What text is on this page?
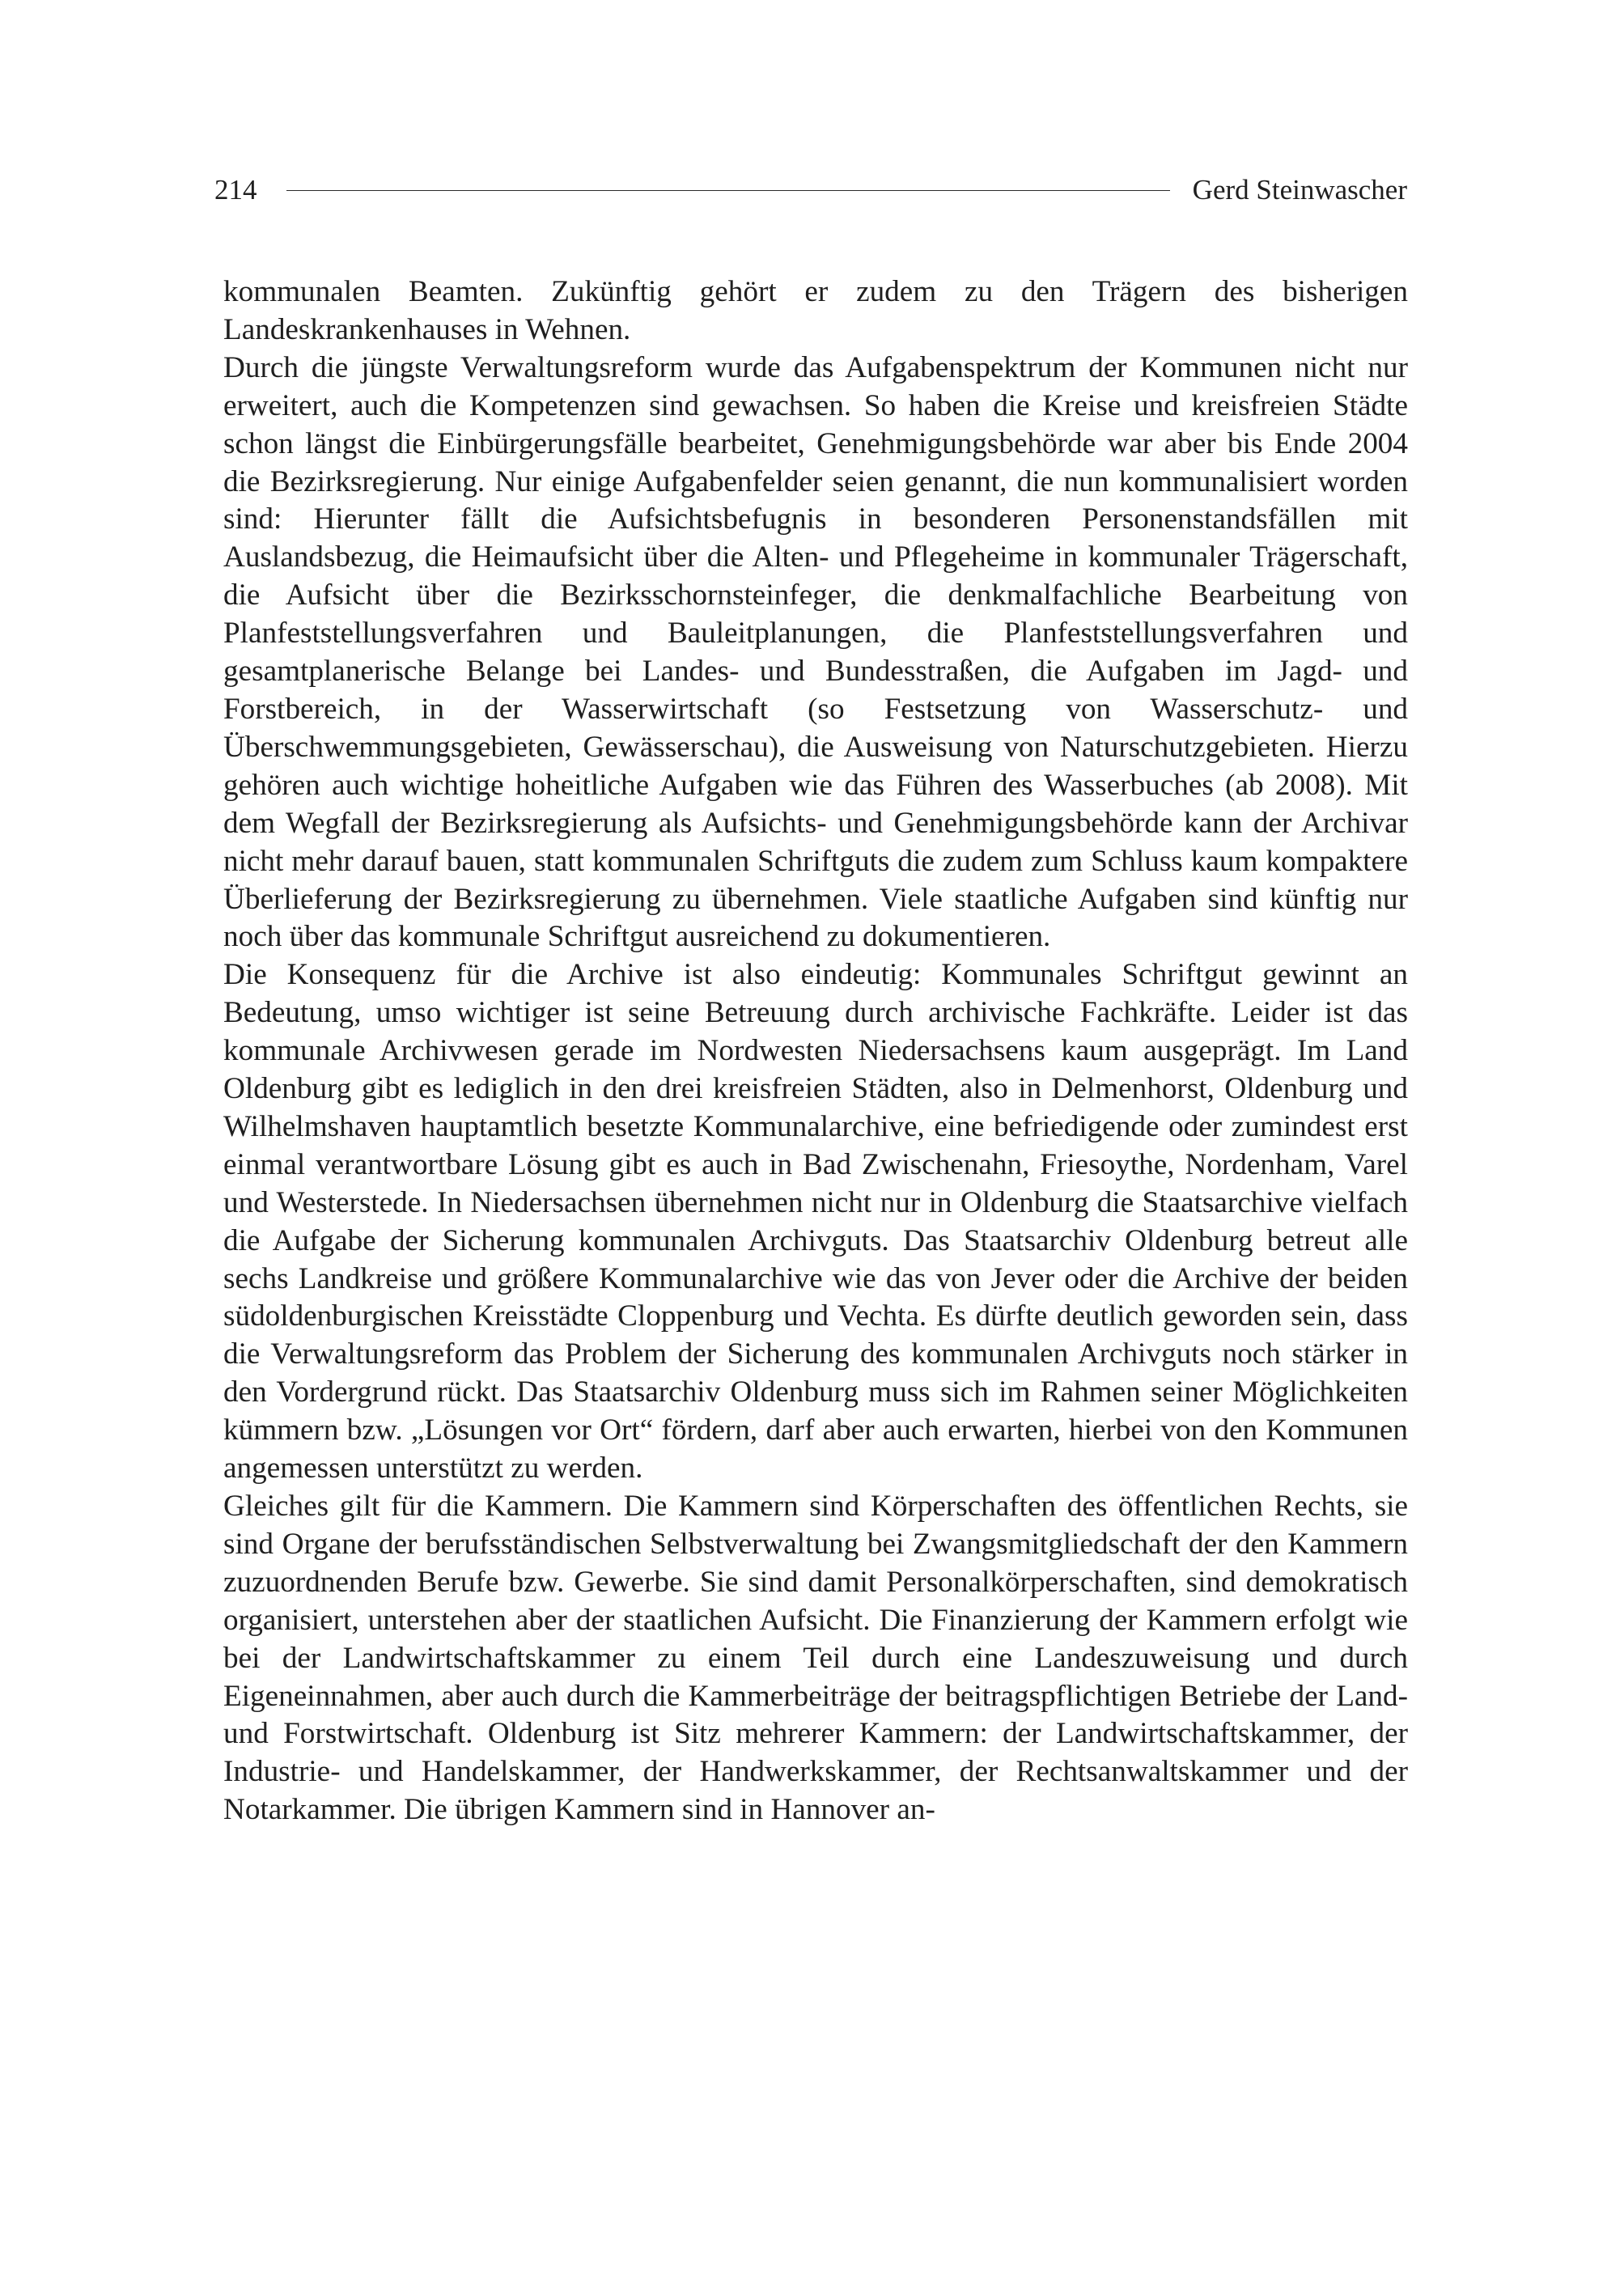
214	Gerd Steinwascher

kommunalen Beamten. Zukünftig gehört er zudem zu den Trägern des bisherigen Landeskrankenhauses in Wehnen.

Durch die jüngste Verwaltungsreform wurde das Aufgabenspektrum der Kommunen nicht nur erweitert, auch die Kompetenzen sind gewachsen. So haben die Kreise und kreisfreien Städte schon längst die Einbürgerungsfälle bearbeitet, Genehmigungsbehörde war aber bis Ende 2004 die Bezirksregierung. Nur einige Aufgabenfelder seien genannt, die nun kommunalisiert worden sind: Hierunter fällt die Aufsichtsbefugnis in besonderen Personenstandsfällen mit Auslandsbezug, die Heimaufsicht über die Alten- und Pflegeheime in kommunaler Trägerschaft, die Aufsicht über die Bezirksschornsteinfeger, die denkmalfachliche Bearbeitung von Planfeststellungsverfahren und Bauleitplanungen, die Planfeststellungsverfahren und gesamtplanerische Belange bei Landes- und Bundesstraßen, die Aufgaben im Jagd- und Forstbereich, in der Wasserwirtschaft (so Festsetzung von Wasserschutz- und Überschwemmungsgebieten, Gewässerschau), die Ausweisung von Naturschutzgebieten. Hierzu gehören auch wichtige hoheitliche Aufgaben wie das Führen des Wasserbuches (ab 2008). Mit dem Wegfall der Bezirksregierung als Aufsichts- und Genehmigungsbehörde kann der Archivar nicht mehr darauf bauen, statt kommunalen Schriftguts die zudem zum Schluss kaum kompaktere Überlieferung der Bezirksregierung zu übernehmen. Viele staatliche Aufgaben sind künftig nur noch über das kommunale Schriftgut ausreichend zu dokumentieren.

Die Konsequenz für die Archive ist also eindeutig: Kommunales Schriftgut gewinnt an Bedeutung, umso wichtiger ist seine Betreuung durch archivische Fachkräfte. Leider ist das kommunale Archivwesen gerade im Nordwesten Niedersachsens kaum ausgeprägt. Im Land Oldenburg gibt es lediglich in den drei kreisfreien Städten, also in Delmenhorst, Oldenburg und Wilhelmshaven hauptamtlich besetzte Kommunalarchive, eine befriedigende oder zumindest erst einmal verantwortbare Lösung gibt es auch in Bad Zwischenahn, Friesoythe, Nordenham, Varel und Westerstede. In Niedersachsen übernehmen nicht nur in Oldenburg die Staatsarchive vielfach die Aufgabe der Sicherung kommunalen Archivguts. Das Staatsarchiv Oldenburg betreut alle sechs Landkreise und größere Kommunalarchive wie das von Jever oder die Archive der beiden südoldenburgischen Kreisstädte Cloppenburg und Vechta. Es dürfte deutlich geworden sein, dass die Verwaltungsreform das Problem der Sicherung des kommunalen Archivguts noch stärker in den Vordergrund rückt. Das Staatsarchiv Oldenburg muss sich im Rahmen seiner Möglichkeiten kümmern bzw. „Lösungen vor Ort“ fördern, darf aber auch erwarten, hierbei von den Kommunen angemessen unterstützt zu werden.

Gleiches gilt für die Kammern. Die Kammern sind Körperschaften des öffentlichen Rechts, sie sind Organe der berufsständischen Selbstverwaltung bei Zwangsmitgliedschaft der den Kammern zuzuordnenden Berufe bzw. Gewerbe. Sie sind damit Personalkörperschaften, sind demokratisch organisiert, unterstehen aber der staatlichen Aufsicht. Die Finanzierung der Kammern erfolgt wie bei der Landwirtschaftskammer zu einem Teil durch eine Landeszuweisung und durch Eigeneinnahmen, aber auch durch die Kammerbeiträge der beitragspflichtigen Betriebe der Land- und Forstwirtschaft. Oldenburg ist Sitz mehrerer Kammern: der Landwirtschaftskammer, der Industrie- und Handelskammer, der Handwerkskammer, der Rechtsanwaltskammer und der Notarkammer. Die übrigen Kammern sind in Hannover an-
